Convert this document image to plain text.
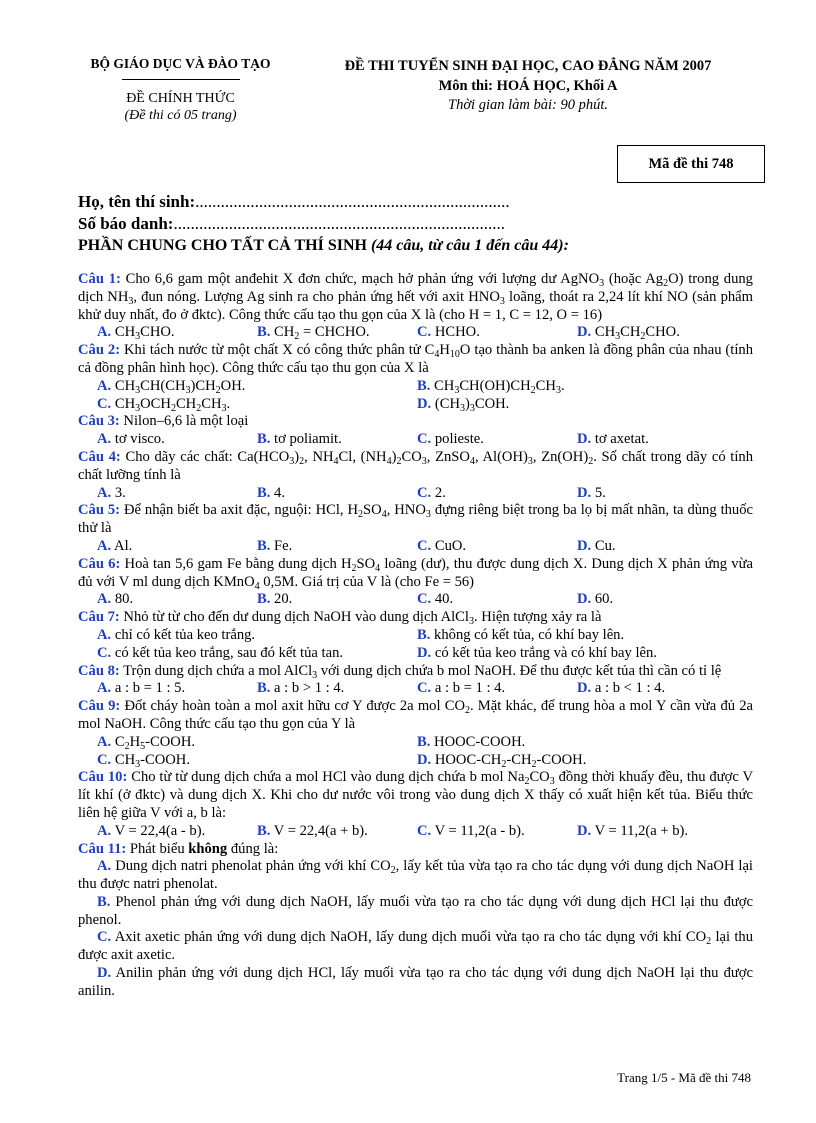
BỘ GIÁO DỤC VÀ ĐÀO TẠO
ĐỀ CHÍNH THỨC
(Đề thi có 05 trang)
ĐỀ THI TUYỂN SINH ĐẠI HỌC, CAO ĐẲNG NĂM 2007
Môn thi: HOÁ HỌC, Khối A
Thời gian làm bài: 90 phút.
Mã đề thi 748
Họ, tên thí sinh:..........................................................................
Số báo danh:..............................................................................
PHẦN CHUNG CHO TẤT CẢ THÍ SINH (44 câu, từ câu 1 đến câu 44):

Câu 1: Cho 6,6 gam một anđehit X đơn chức, mạch hở phản ứng với lượng dư AgNO$_3$ (hoặc $Ag_2O$) trong dung dịch $NH_3$, đun nóng. Lượng Ag sinh ra cho phản ứng hết với axit $HNO_3$ loãng, thoát ra 2,24 lít khí NO (sản phẩm khử duy nhất, đo ở đktc). Công thức cấu tạo thu gọn của X là (cho H = 1, C = 12, O = 16)

A. $CH_3CHO$.	B. $CH_2$ = CHCHO.	C. HCHO.	D. $CH_3CH_2CHO$.

Câu 2: Khi tách nước từ một chất X có công thức phân tử $C_4H_{10}O$ tạo thành ba anken là đồng phân của nhau (tính cả đồng phân hình học). Công thức cấu tạo thu gọn của X là

A. $CH_3CH(CH_3)CH_2OH$.	B. $CH_3CH(OH)CH_2CH_3$.
C. $CH_3OCH_2CH_2CH_3$.	D. $(CH_3)_3COH$.

Câu 3: Nilon–6,6 là một loại

A. tơ visco.	B. tơ poliamit.	C. polieste.	D. tơ axetat.

Câu 4: Cho dãy các chất: $Ca(HCO_3)_2$, $NH_4Cl$, $(NH_4)_2CO_3$, ZnSO$_4$, $Al(OH)_3$, $Zn(OH)_2$. Số chất trong dãy có tính chất lưỡng tính là

A. 3.	B. 4.	C. 2.	D. 5.

Câu 5: Để nhận biết ba axit đặc, nguội: HCl, $H_2SO_4$, $HNO_3$ đựng riêng biệt trong ba lọ bị mất nhãn, ta dùng thuốc thử là

A. Al.	B. Fe.	C. CuO.	D. Cu.

Câu 6: Hoà tan 5,6 gam Fe bằng dung dịch $H_2SO_4$ loãng (dư), thu được dung dịch X. Dung dịch X phản ứng vừa đủ với V ml dung dịch KMnO$_4$ 0,5M. Giá trị của V là (cho Fe = 56)

A. 80.	B. 20.	C. 40.	D. 60.

Câu 7: Nhỏ từ từ cho đến dư dung dịch NaOH vào dung dịch AlCl$_3$. Hiện tượng xảy ra là

A. chỉ có kết tủa keo trắng.	B. không có kết tủa, có khí bay lên.
C. có kết tủa keo trắng, sau đó kết tủa tan.	D. có kết tủa keo trắng và có khí bay lên.

Câu 8: Trộn dung dịch chứa a mol AlCl$_3$ với dung dịch chứa b mol NaOH. Để thu được kết tủa thì cần có tỉ lệ

A. a : b = 1 : 5.	B. a : b > 1 : 4.	C. a : b = 1 : 4.	D. a : b < 1 : 4.

Câu 9: Đốt cháy hoàn toàn a mol axit hữu cơ Y được 2a mol $CO_2$. Mặt khác, để trung hòa a mol Y cần vừa đủ 2a mol NaOH. Công thức cấu tạo thu gọn của Y là

A. $C_2H_5$-COOH.	B. HOOC-COOH.
C. $CH_3$-COOH.	D. HOOC-$CH_2-CH_2$-COOH.

Câu 10: Cho từ từ dung dịch chứa a mol HCl vào dung dịch chứa b mol $Na_2CO_3$ đồng thời khuấy đều, thu được V lít khí (ở đktc) và dung dịch X. Khi cho dư nước vôi trong vào dung dịch X thấy có xuất hiện kết tủa. Biểu thức liên hệ giữa V với a, b là:

A. V = 22,4(a - b).	B. V = 22,4(a + b).	C. V = 11,2(a - b).	D. V = 11,2(a + b).

Câu 11: Phát biểu không đúng là:

A. Dung dịch natri phenolat phản ứng với khí $CO_2$, lấy kết tủa vừa tạo ra cho tác dụng với dung dịch NaOH lại thu được natri phenolat.

B. Phenol phản ứng với dung dịch NaOH, lấy muối vừa tạo ra cho tác dụng với dung dịch HCl lại thu được phenol.

C. Axit axetic phản ứng với dung dịch NaOH, lấy dung dịch muối vừa tạo ra cho tác dụng với khí $CO_2$ lại thu được axit axetic.

D. Anilin phản ứng với dung dịch HCl, lấy muối vừa tạo ra cho tác dụng với dung dịch NaOH lại thu được anilin.

Trang 1/5 - Mã đề thi 748
